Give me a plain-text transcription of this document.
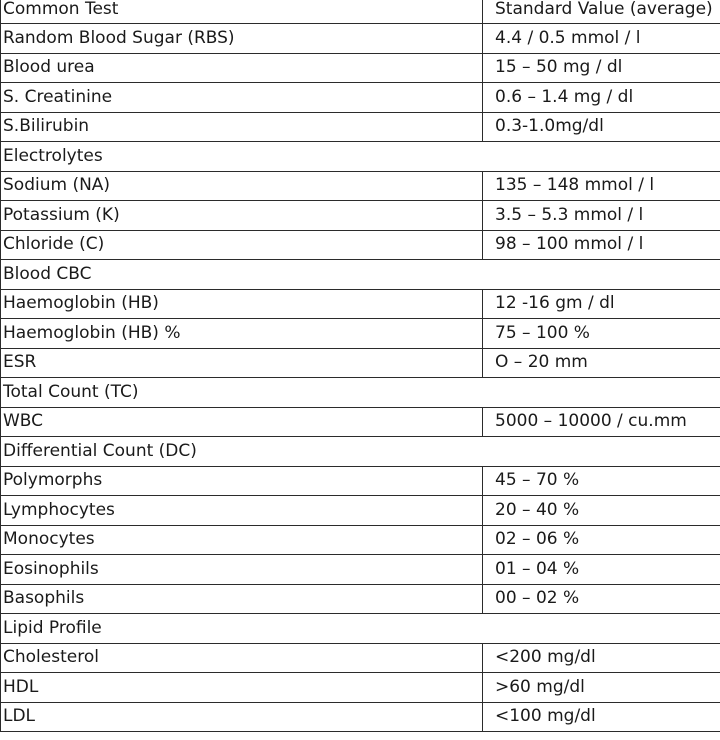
Common Test	Standard Value (average)
Random Blood Sugar (RBS)	4.4 / 0.5 mmol / l
Blood urea	15 – 50 mg / dl
S. Creatinine	0.6 – 1.4 mg / dl
S.Bilirubin	0.3-1.0mg/dl
Electrolytes	
Sodium (NA)	135 – 148 mmol / l
Potassium (K)	3.5 – 5.3 mmol / l
Chloride (C)	98 – 100 mmol / l
Blood CBC	
Haemoglobin (HB)	12 -16 gm / dl
Haemoglobin (HB) %	75 – 100 %
ESR	O – 20 mm
Total Count (TC)	
WBC	5000 – 10000 / cu.mm
Differential Count (DC)	
Polymorphs	45 – 70 %
Lymphocytes	20 – 40 %
Monocytes	02 – 06 %
Eosinophils	01 – 04 %
Basophils	00 – 02 %
Lipid Profile	
Cholesterol	<200 mg/dl
HDL	>60 mg/dl
LDL	<100 mg/dl
